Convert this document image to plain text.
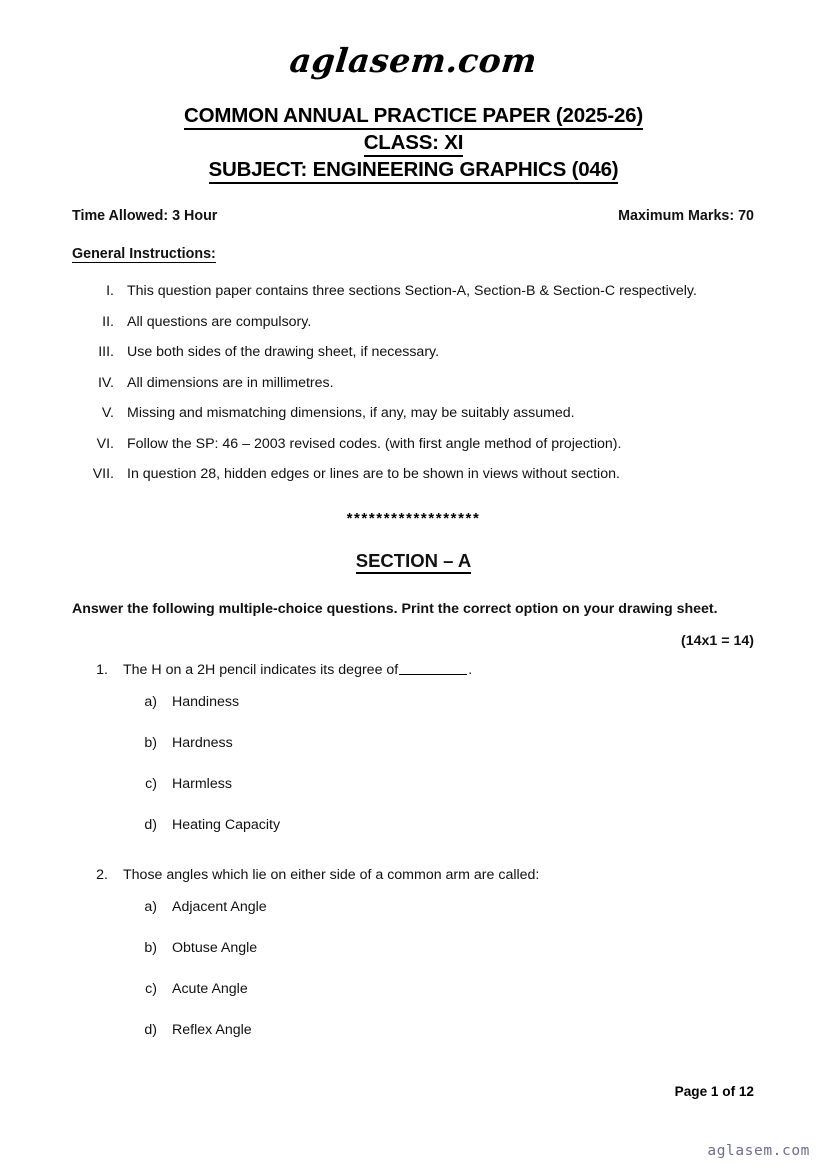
aglasem.com
COMMON ANNUAL PRACTICE PAPER (2025-26)
CLASS: XI
SUBJECT: ENGINEERING GRAPHICS (046)
Time Allowed: 3 Hour	Maximum Marks: 70
General Instructions:
I. This question paper contains three sections Section-A, Section-B & Section-C respectively.
II. All questions are compulsory.
III. Use both sides of the drawing sheet, if necessary.
IV. All dimensions are in millimetres.
V. Missing and mismatching dimensions, if any, may be suitably assumed.
VI. Follow the SP: 46 – 2003 revised codes. (with first angle method of projection).
VII. In question 28, hidden edges or lines are to be shown in views without section.
******************
SECTION – A
Answer the following multiple-choice questions. Print the correct option on your drawing sheet.
(14x1 = 14)
1.	The H on a 2H pencil indicates its degree of	.
a)	Handiness
b)	Hardness
c)	Harmless
d)	Heating Capacity
2.	Those angles which lie on either side of a common arm are called:
a)	Adjacent Angle
b)	Obtuse Angle
c)	Acute Angle
d)	Reflex Angle
Page 1 of 12
aglasem.com
